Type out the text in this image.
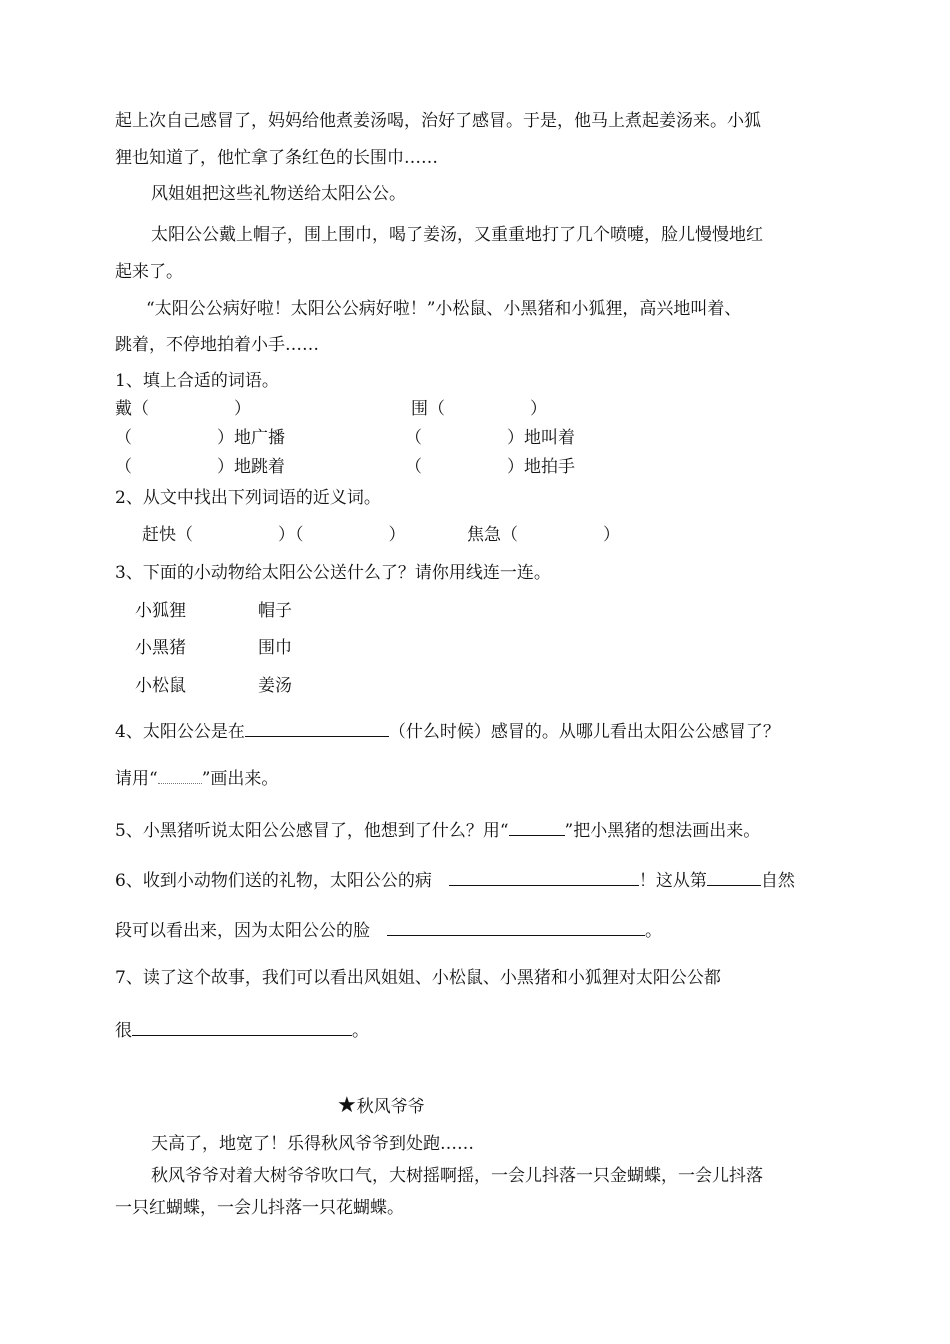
起上次自己感冒了，妈妈给他煮姜汤喝，治好了感冒。于是，他马上煮起姜汤来。小狐
狸也知道了，他忙拿了条红色的长围巾……
风姐姐把这些礼物送给太阳公公。
太阳公公戴上帽子，围上围巾，喝了姜汤，又重重地打了几个喷嚏，脸儿慢慢地红
起来了。
“太阳公公病好啦！太阳公公病好啦！”小松鼠、小黑猪和小狐狸，高兴地叫着、
跳着，不停地拍着小手……
1、填上合适的词语。
戴（　　　　　）	围（　　　　　）
（　　　　　）地广播	（　　　　　）地叫着
（　　　　　）地跳着	（　　　　　）地拍手
2、从文中找出下列词语的近义词。
赶快（　　　　　）（　　　　　）	焦急（　　　　　）
3、下面的小动物给太阳公公送什么了？请你用线连一连。
小狐狸	帽子
小黑猪	围巾
小松鼠	姜汤
4、太阳公公是在	（什么时候）感冒的。从哪儿看出太阳公公感冒了？
请用“	”画出来。
5、小黑猪听说太阳公公感冒了，他想到了什么？用“	”把小黑猪的想法画出来。
6、收到小动物们送的礼物，太阳公公的病 	！这从第	自然
段可以看出来，因为太阳公公的脸 	。
7、读了这个故事，我们可以看出风姐姐、小松鼠、小黑猪和小狐狸对太阳公公都
很	。
★秋风爷爷
天高了，地宽了！乐得秋风爷爷到处跑……
秋风爷爷对着大树爷爷吹口气，大树摇啊摇，一会儿抖落一只金蝴蝶，一会儿抖落
一只红蝴蝶，一会儿抖落一只花蝴蝶。
